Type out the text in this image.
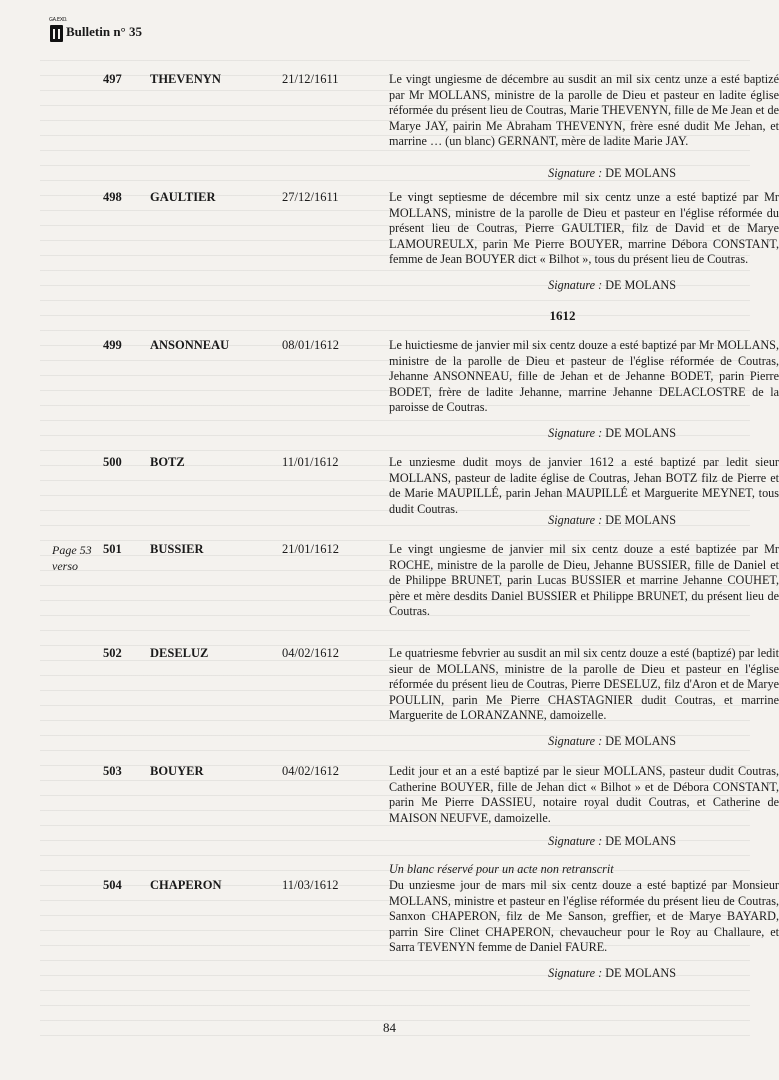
GA.EXO.
Bulletin n° 35
497 THEVENYN	21/12/1611	Le vingt ungiesme de décembre au susdit an mil six centz unze a esté baptizé par Mr MOLLANS, ministre de la parolle de Dieu et pasteur en ladite église réformée du présent lieu de Coutras, Marie THEVENYN, fille de Me Jean et de Marye JAY, pairin Me Abraham THEVENYN, frère esné dudit Me Jehan, et marrine … (un blanc) GERNANT, mère de ladite Marie JAY.
Signature : DE MOLANS
498 GAULTIER	27/12/1611	Le vingt septiesme de décembre mil six centz unze a esté baptizé par Mr MOLLANS, ministre de la parolle de Dieu et pasteur en l'église réformée du présent lieu de Coutras, Pierre GAULTIER, filz de David et de Marye LAMOUREULX, parin Me Pierre BOUYER, marrine Débora CONSTANT, femme de Jean BOUYER dict « Bilhot », tous du présent lieu de Coutras.
Signature : DE MOLANS
1612
499 ANSONNEAU	08/01/1612	Le huictiesme de janvier mil six centz douze a esté baptizé par Mr MOLLANS, ministre de la parolle de Dieu et pasteur de l'église réformée de Coutras, Jehanne ANSONNEAU, fille de Jehan et de Jehanne BODET, parin Pierre BODET, frère de ladite Jehanne, marrine Jehanne DELACLOSTRE de la paroisse de Coutras.
Signature : DE MOLANS
500 BOTZ	11/01/1612	Le unziesme dudit moys de janvier 1612 a esté baptizé par ledit sieur MOLLANS, pasteur de ladite église de Coutras, Jehan BOTZ filz de Pierre et de Marie MAUPILLÉ, parin Jehan MAUPILLÉ et Marguerite MEYNET, tous dudit Coutras.
Signature : DE MOLANS
Page 53 verso
501 BUSSIER	21/01/1612	Le vingt ungiesme de janvier mil six centz douze a esté baptizée par Mr ROCHE, ministre de la parolle de Dieu, Jehanne BUSSIER, fille de Daniel et de Philippe BRUNET, parin Lucas BUSSIER et marrine Jehanne COUHET, père et mère desdits Daniel BUSSIER et Philippe BRUNET, du présent lieu de Coutras.
502 DESELUZ	04/02/1612	Le quatriesme febvrier au susdit an mil six centz douze a esté (baptizé) par ledit sieur de MOLLANS, ministre de la parolle de Dieu et pasteur en l'église réformée du présent lieu de Coutras, Pierre DESELUZ, filz d'Aron et de Marye POULLIN, parin Me Pierre CHASTAGNIER dudit Coutras, et marrine Marguerite de LORANZANNE, damoizelle.
Signature : DE MOLANS
503 BOUYER	04/02/1612	Ledit jour et an a esté baptizé par le sieur MOLLANS, pasteur dudit Coutras, Catherine BOUYER, fille de Jehan dict « Bilhot » et de Débora CONSTANT, parin Me Pierre DASSIEU, notaire royal dudit Coutras, et Catherine de MAISON NEUFVE, damoizelle.
Signature : DE MOLANS
Un blanc réservé pour un acte non retranscrit
504 CHAPERON	11/03/1612	Du unziesme jour de mars mil six centz douze a esté baptizé par Monsieur MOLLANS, ministre et pasteur en l'église réformée du présent lieu de Coutras, Sanxon CHAPERON, filz de Me Sanson, greffier, et de Marye BAYARD, parrin Sire Clinet CHAPERON, chevaucheur pour le Roy au Challaure, et Sarra TEVENYN femme de Daniel FAURE.
Signature : DE MOLANS
84
